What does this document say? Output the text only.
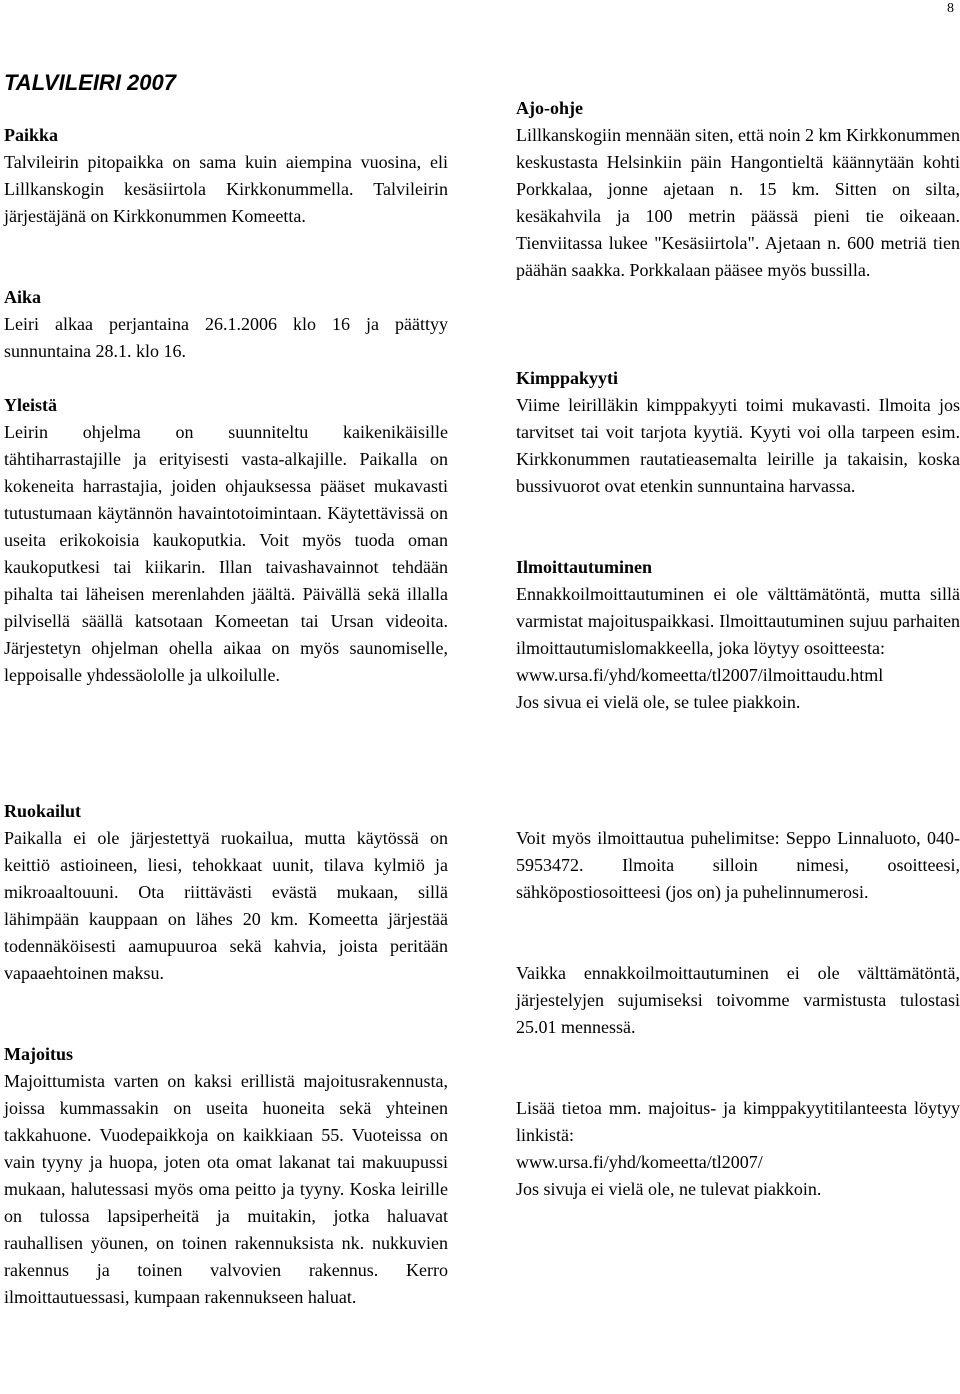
8
TALVILEIRI 2007

Paikka

Talvileirin pitopaikka on sama kuin aiempina vuosina, eli Lillkanskogin kesäsiirtola Kirkkonummella. Talvileirin järjestäjänä on Kirkkonummen Komeetta.

Aika

Leiri alkaa perjantaina 26.1.2006 klo 16 ja päättyy sunnuntaina 28.1. klo 16.

Yleistä

Leirin ohjelma on suunniteltu kaikenikäisille tähtiharrastajille ja erityisesti vasta-alkajille. Paikalla on kokeneita harrastajia, joiden ohjauksessa pääset mukavasti tutustumaan käytännön havaintotoimintaan. Käytettävissä on useita erikokoisia kaukoputkia. Voit myös tuoda oman kaukoputkesi tai kiikarin. Illan taivashavainnot tehdään pihalta tai läheisen merenlahden jäältä. Päivällä sekä illalla pilvisellä säällä katsotaan Komeetan tai Ursan videoita. Järjestetyn ohjelman ohella aikaa on myös saunomiselle, leppoisalle yhdessäololle ja ulkoilulle.

Ruokailut

Paikalla ei ole järjestettyä ruokailua, mutta käytössä on keittiö astioineen, liesi, tehokkaat uunit, tilava kylmiö ja mikroaaltouuni. Ota riittävästi evästä mukaan, sillä lähimpään kauppaan on lähes 20 km. Komeetta järjestää todennäköisesti aamupuuroa sekä kahvia, joista peritään vapaaehtoinen maksu.

Majoitus

Majoittumista varten on kaksi erillistä majoitusrakennusta, joissa kummassakin on useita huoneita sekä yhteinen takkahuone. Vuodepaikkoja on kaikkiaan 55. Vuoteissa on vain tyyny ja huopa, joten ota omat lakanat tai makuupussi mukaan, halutessasi myös oma peitto ja tyyny. Koska leirille on tulossa lapsiperheitä ja muitakin, jotka haluavat rauhallisen yöunen, on toinen rakennuksista nk. nukkuvien rakennus ja toinen valvovien rakennus. Kerro ilmoittautuessasi, kumpaan rakennukseen haluat.

Ajo-ohje

Lillkanskogiin mennään siten, että noin 2 km Kirkkonummen keskustasta Helsinkiin päin Hangontieltä käännytään kohti Porkkalaa, jonne ajetaan n. 15 km. Sitten on silta, kesäkahvila ja 100 metrin päässä pieni tie oikeaan. Tienviitassa lukee "Kesäsiirtola". Ajetaan n. 600 metriä tien päähän saakka. Porkkalaan pääsee myös bussilla.

Kimppakyyti

Viime leirilläkin kimppakyyti toimi mukavasti. Ilmoita jos tarvitset tai voit tarjota kyytiä. Kyyti voi olla tarpeen esim. Kirkkonummen rautatieasemalta leirille ja takaisin, koska bussivuorot ovat etenkin sunnuntaina harvassa.

Ilmoittautuminen

Ennakkoilmoittautuminen ei ole välttämätöntä, mutta sillä varmistat majoituspaikkasi. Ilmoittautuminen sujuu parhaiten ilmoittautumislomakkeella, joka löytyy osoitteesta:

www.ursa.fi/yhd/komeetta/tl2007/ilmoittaudu.html

Jos sivua ei vielä ole, se tulee piakkoin.

Voit myös ilmoittautua puhelimitse: Seppo Linnaluoto, 040-5953472. Ilmoita silloin nimesi, osoitteesi, sähköpostiosoitteesi (jos on) ja puhelinnumerosi.

Vaikka ennakkoilmoittautuminen ei ole välttämätöntä, järjestelyjen sujumiseksi toivomme varmistusta tulostasi 25.01 mennessä.

Lisää tietoa mm. majoitus- ja kimppakyytitilanteesta löytyy linkistä:

www.ursa.fi/yhd/komeetta/tl2007/

Jos sivuja ei vielä ole, ne tulevat piakkoin.
